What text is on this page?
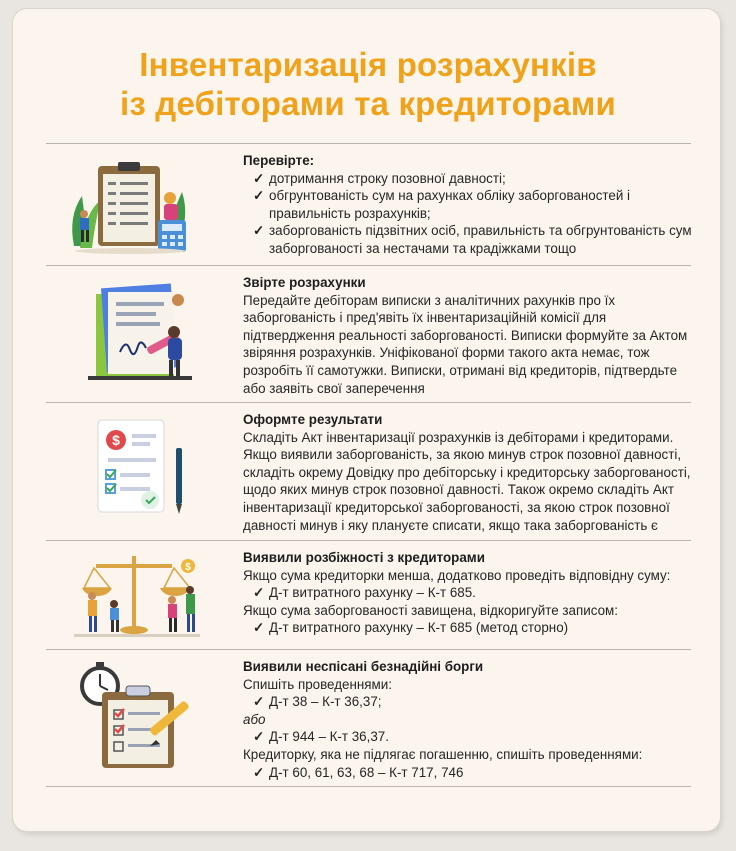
Інвентаризація розрахунків
із дебіторами та кредиторами
$
$
Перевірте:
✓ дотримання строку позовної давності;
✓ обгрунтованість сум на рахунках обліку заборгованостей і правильність розрахунків;
✓ заборгованість підзвітних осіб, правильність та обгрунтованість сум заборгованості за нестачами та крадіжками тощо
Звірте розрахунки

Передайте дебіторам виписки з аналітичних рахунків про їх заборгованість і пред'явіть їх інвентаризаційній комісії для підтвердження реальності заборгованості. Виписки формуйте за Актом звіряння розрахунків. Уніфікованої форми такого акта немає, тож розробіть її самотужки. Виписки, отримані від кредиторів, підтвердьте або заявіть свої заперечення

Оформте результати

Складіть Акт інвентаризації розрахунків із дебіторами і кредиторами. Якщо виявили заборгованість, за якою минув строк позовної давності, складіть окрему Довідку про дебіторську і кредиторську заборгованості, щодо яких минув строк позовної давності. Також окремо складіть Акт інвентаризації кредиторської заборгованості, за якою строк позовної давності минув і яку плануєте списати, якщо така заборгованість є

Виявили розбіжності з кредиторами
Якщо сума кредиторки менша, додатково проведіть відповідну суму:
✓ Д-т витратного рахунку – К-т 685.
Якщо сума заборгованості завищена, відкоригуйте записом:
✓ Д-т витратного рахунку – К-т 685 (метод сторно)
Виявили неспісані безнадійні борги
Спишіть проведеннями:
✓ Д-т 38 – К-т 36,37;
або
✓ Д-т 944 – К-т 36,37.
Кредиторку, яка не підлягає погашенню, спишіть проведеннями:
✓ Д-т 60, 61, 63, 68 – К-т 717, 746
